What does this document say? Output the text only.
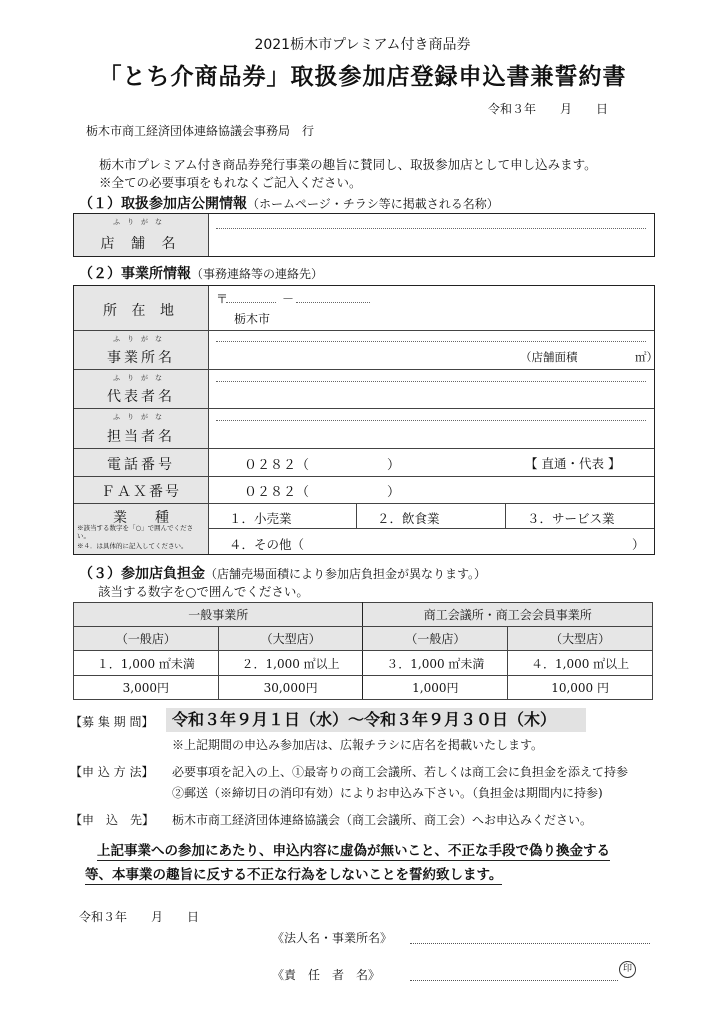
2021栃木市プレミアム付き商品券
「とち介商品券」取扱参加店登録申込書兼誓約書
令和３年　　月　　日
栃木市商工経済団体連絡協議会事務局　行
栃木市プレミアム付き商品券発行事業の趣旨に賛同し、取扱参加店として申し込みます。
※全ての必要事項をもれなくご記入ください。
（１）取扱参加店公開情報（ホームページ・チラシ等に掲載される名称）
ふりがな
店 舗 名
（２）事業所情報（事務連絡等の連絡先）
所 在 地
〒	－
栃木市
ふりがな
事業所名	（店舗面積　　　　　㎡）
ふりがな
代表者名
ふりがな
担当者名
電話番号	０２８２（　　　　　　）	【 直通・代表 】
ＦＡＸ番号	０２８２（　　　　　　）
業　　種
※該当する数字を「○」で囲んでください。
※４．は具体的に記入してください。
１．小売業	２．飲食業	３．サービス業
４．その他（	）
（３）参加店負担金（店舗売場面積により参加店負担金が異なります。）
該当する数字を○で囲んでください。
一般事業所		商工会議所・商工会会員事業所	
（一般店）	（大型店）	（一般店）	（大型店）
１．1,000 ㎡未満	２．1,000 ㎡以上	３．1,000 ㎡未満	４．1,000 ㎡以上
3,000円	30,000円	1,000円	10,000 円
【募 集 期 間】	令和３年９月１日（水）～令和３年９月３０日（木）
※上記期間の申込み参加店は、広報チラシに店名を掲載いたします。
【申 込 方 法】 必要事項を記入の上、①最寄りの商工会議所、若しくは商工会に負担金を添えて持参
②郵送（※締切日の消印有効）によりお申込み下さい。（負担金は期間内に持参)
【申　込　先】 栃木市商工経済団体連絡協議会（商工会議所、商工会）へお申込みください。
上記事業への参加にあたり、申込内容に虚偽が無いこと、不正な手段で偽り換金する
等、本事業の趣旨に反する不正な行為をしないことを誓約致します。
令和３年　　月　　日
《法人名・事業所名》
《責　任　者　名》	印
